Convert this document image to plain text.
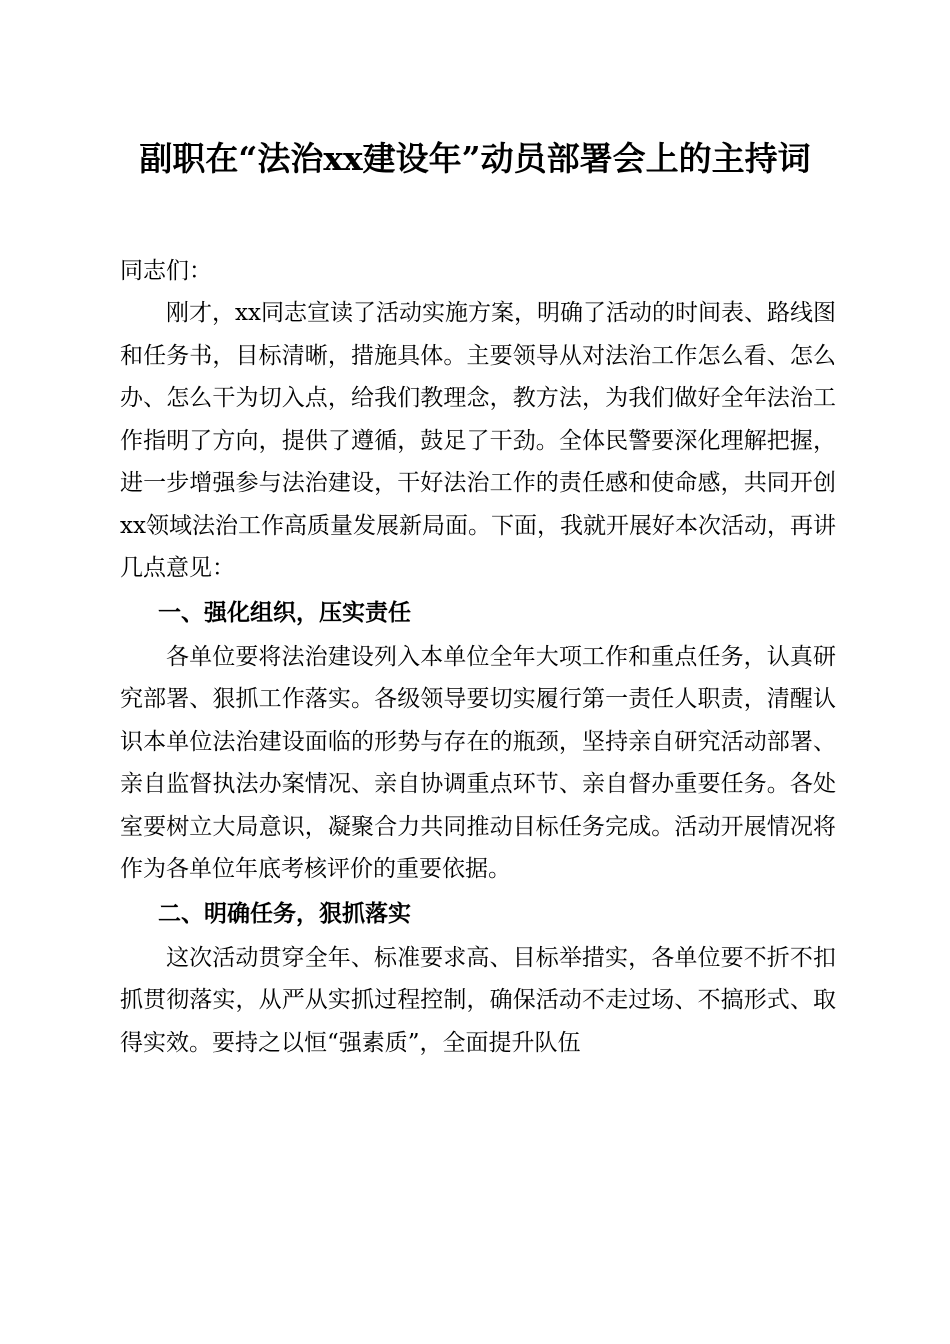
副职在“法治xx建设年”动员部署会上的主持词

同志们：

刚才，xx同志宣读了活动实施方案，明确了活动的时间表、路线图和任务书，目标清晰，措施具体。主要领导从对法治工作怎么看、怎么办、怎么干为切入点，给我们教理念，教方法，为我们做好全年法治工作指明了方向，提供了遵循，鼓足了干劲。全体民警要深化理解把握，进一步增强参与法治建设，干好法治工作的责任感和使命感，共同开创xx领域法治工作高质量发展新局面。下面，我就开展好本次活动，再讲几点意见：

一、强化组织，压实责任

各单位要将法治建设列入本单位全年大项工作和重点任务，认真研究部署、狠抓工作落实。各级领导要切实履行第一责任人职责，清醒认识本单位法治建设面临的形势与存在的瓶颈，坚持亲自研究活动部署、亲自监督执法办案情况、亲自协调重点环节、亲自督办重要任务。各处室要树立大局意识，凝聚合力共同推动目标任务完成。活动开展情况将作为各单位年底考核评价的重要依据。

二、明确任务，狠抓落实

这次活动贯穿全年、标准要求高、目标举措实，各单位要不折不扣抓贯彻落实，从严从实抓过程控制，确保活动不走过场、不搞形式、取得实效。要持之以恒“强素质”，全面提升队伍
